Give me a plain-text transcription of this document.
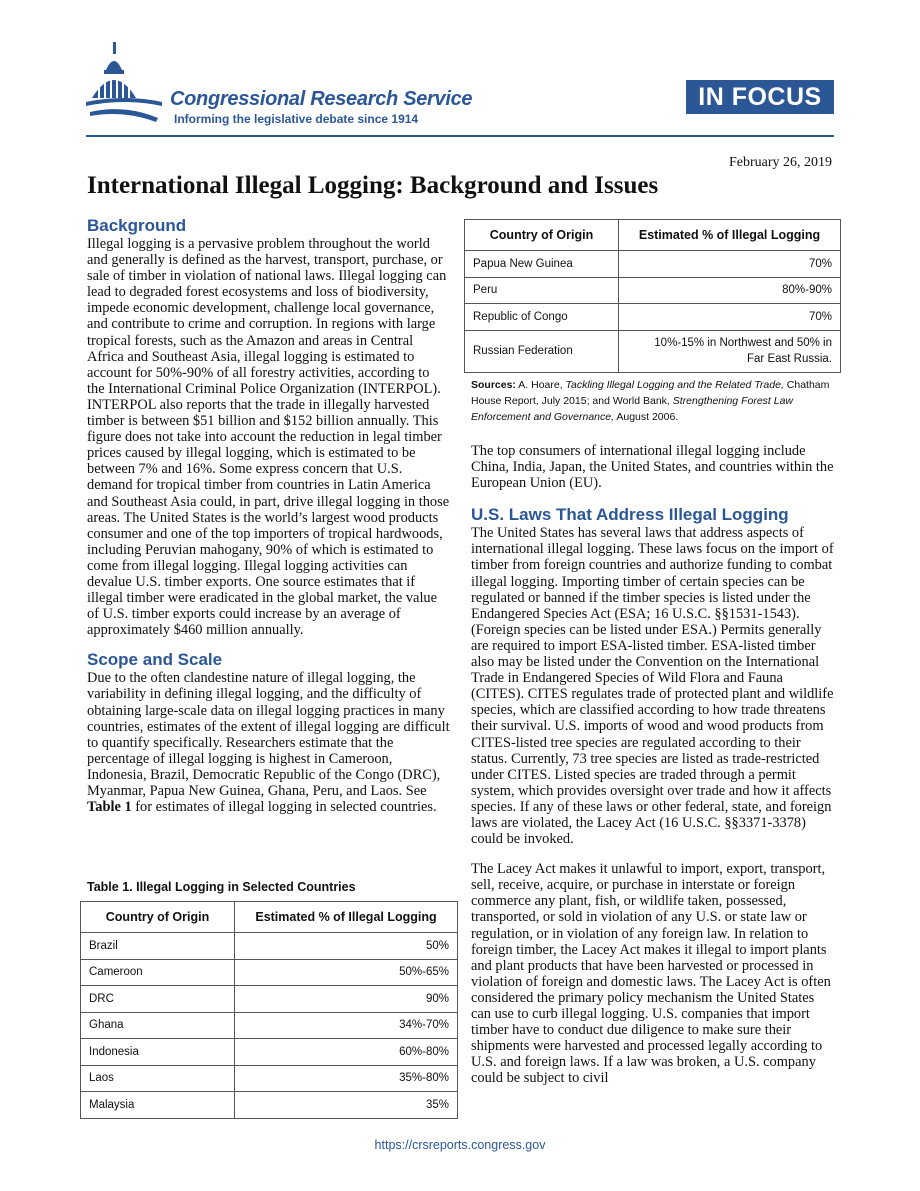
Congressional Research Service
Informing the legislative debate since 1914
IN FOCUS
February 26, 2019
International Illegal Logging: Background and Issues
Background

Illegal logging is a pervasive problem throughout the world and generally is defined as the harvest, transport, purchase, or sale of timber in violation of national laws. Illegal logging can lead to degraded forest ecosystems and loss of biodiversity, impede economic development, challenge local governance, and contribute to crime and corruption. In regions with large tropical forests, such as the Amazon and areas in Central Africa and Southeast Asia, illegal logging is estimated to account for 50%-90% of all forestry activities, according to the International Criminal Police Organization (INTERPOL). INTERPOL also reports that the trade in illegally harvested timber is between $51 billion and $152 billion annually. This figure does not take into account the reduction in legal timber prices caused by illegal logging, which is estimated to be between 7% and 16%. Some express concern that U.S. demand for tropical timber from countries in Latin America and Southeast Asia could, in part, drive illegal logging in those areas. The United States is the world’s largest wood products consumer and one of the top importers of tropical hardwoods, including Peruvian mahogany, 90% of which is estimated to come from illegal logging. Illegal logging activities can devalue U.S. timber exports. One source estimates that if illegal timber were eradicated in the global market, the value of U.S. timber exports could increase by an average of approximately $460 million annually.

Scope and Scale

Due to the often clandestine nature of illegal logging, the variability in defining illegal logging, and the difficulty of obtaining large-scale data on illegal logging practices in many countries, estimates of the extent of illegal logging are difficult to quantify specifically. Researchers estimate that the percentage of illegal logging is highest in Cameroon, Indonesia, Brazil, Democratic Republic of the Congo (DRC), Myanmar, Papua New Guinea, Ghana, Peru, and Laos. See Table 1 for estimates of illegal logging in selected countries.

Table 1. Illegal Logging in Selected Countries
Country of Origin	Estimated % of Illegal Logging
Brazil	50%
Cameroon	50%-65%
DRC	90%
Ghana	34%-70%
Indonesia	60%-80%
Laos	35%-80%
Malaysia	35%
Country of Origin	Estimated % of Illegal Logging
Papua New Guinea	70%
Peru	80%-90%
Republic of Congo	70%
Russian Federation	10%-15% in Northwest and 50% in
Far East Russia.
Sources: A. Hoare, Tackling Illegal Logging and the Related Trade, Chatham House Report, July 2015; and World Bank, Strengthening Forest Law Enforcement and Governance, August 2006.

The top consumers of international illegal logging include China, India, Japan, the United States, and countries within the European Union (EU).

U.S. Laws That Address Illegal Logging

The United States has several laws that address aspects of international illegal logging. These laws focus on the import of timber from foreign countries and authorize funding to combat illegal logging. Importing timber of certain species can be regulated or banned if the timber species is listed under the Endangered Species Act (ESA; 16 U.S.C. §§1531-1543). (Foreign species can be listed under ESA.) Permits generally are required to import ESA-listed timber. ESA-listed timber also may be listed under the Convention on the International Trade in Endangered Species of Wild Flora and Fauna (CITES). CITES regulates trade of protected plant and wildlife species, which are classified according to how trade threatens their survival. U.S. imports of wood and wood products from CITES-listed tree species are regulated according to their status. Currently, 73 tree species are listed as trade-restricted under CITES. Listed species are traded through a permit system, which provides oversight over trade and how it affects species. If any of these laws or other federal, state, and foreign laws are violated, the Lacey Act (16 U.S.C. §§3371-3378) could be invoked.

The Lacey Act makes it unlawful to import, export, transport, sell, receive, acquire, or purchase in interstate or foreign commerce any plant, fish, or wildlife taken, possessed, transported, or sold in violation of any U.S. or state law or regulation, or in violation of any foreign law. In relation to foreign timber, the Lacey Act makes it illegal to import plants and plant products that have been harvested or processed in violation of foreign and domestic laws. The Lacey Act is often considered the primary policy mechanism the United States can use to curb illegal logging. U.S. companies that import timber have to conduct due diligence to make sure their shipments were harvested and processed legally according to U.S. and foreign laws. If a law was broken, a U.S. company could be subject to civil

https://crsreports.congress.gov
